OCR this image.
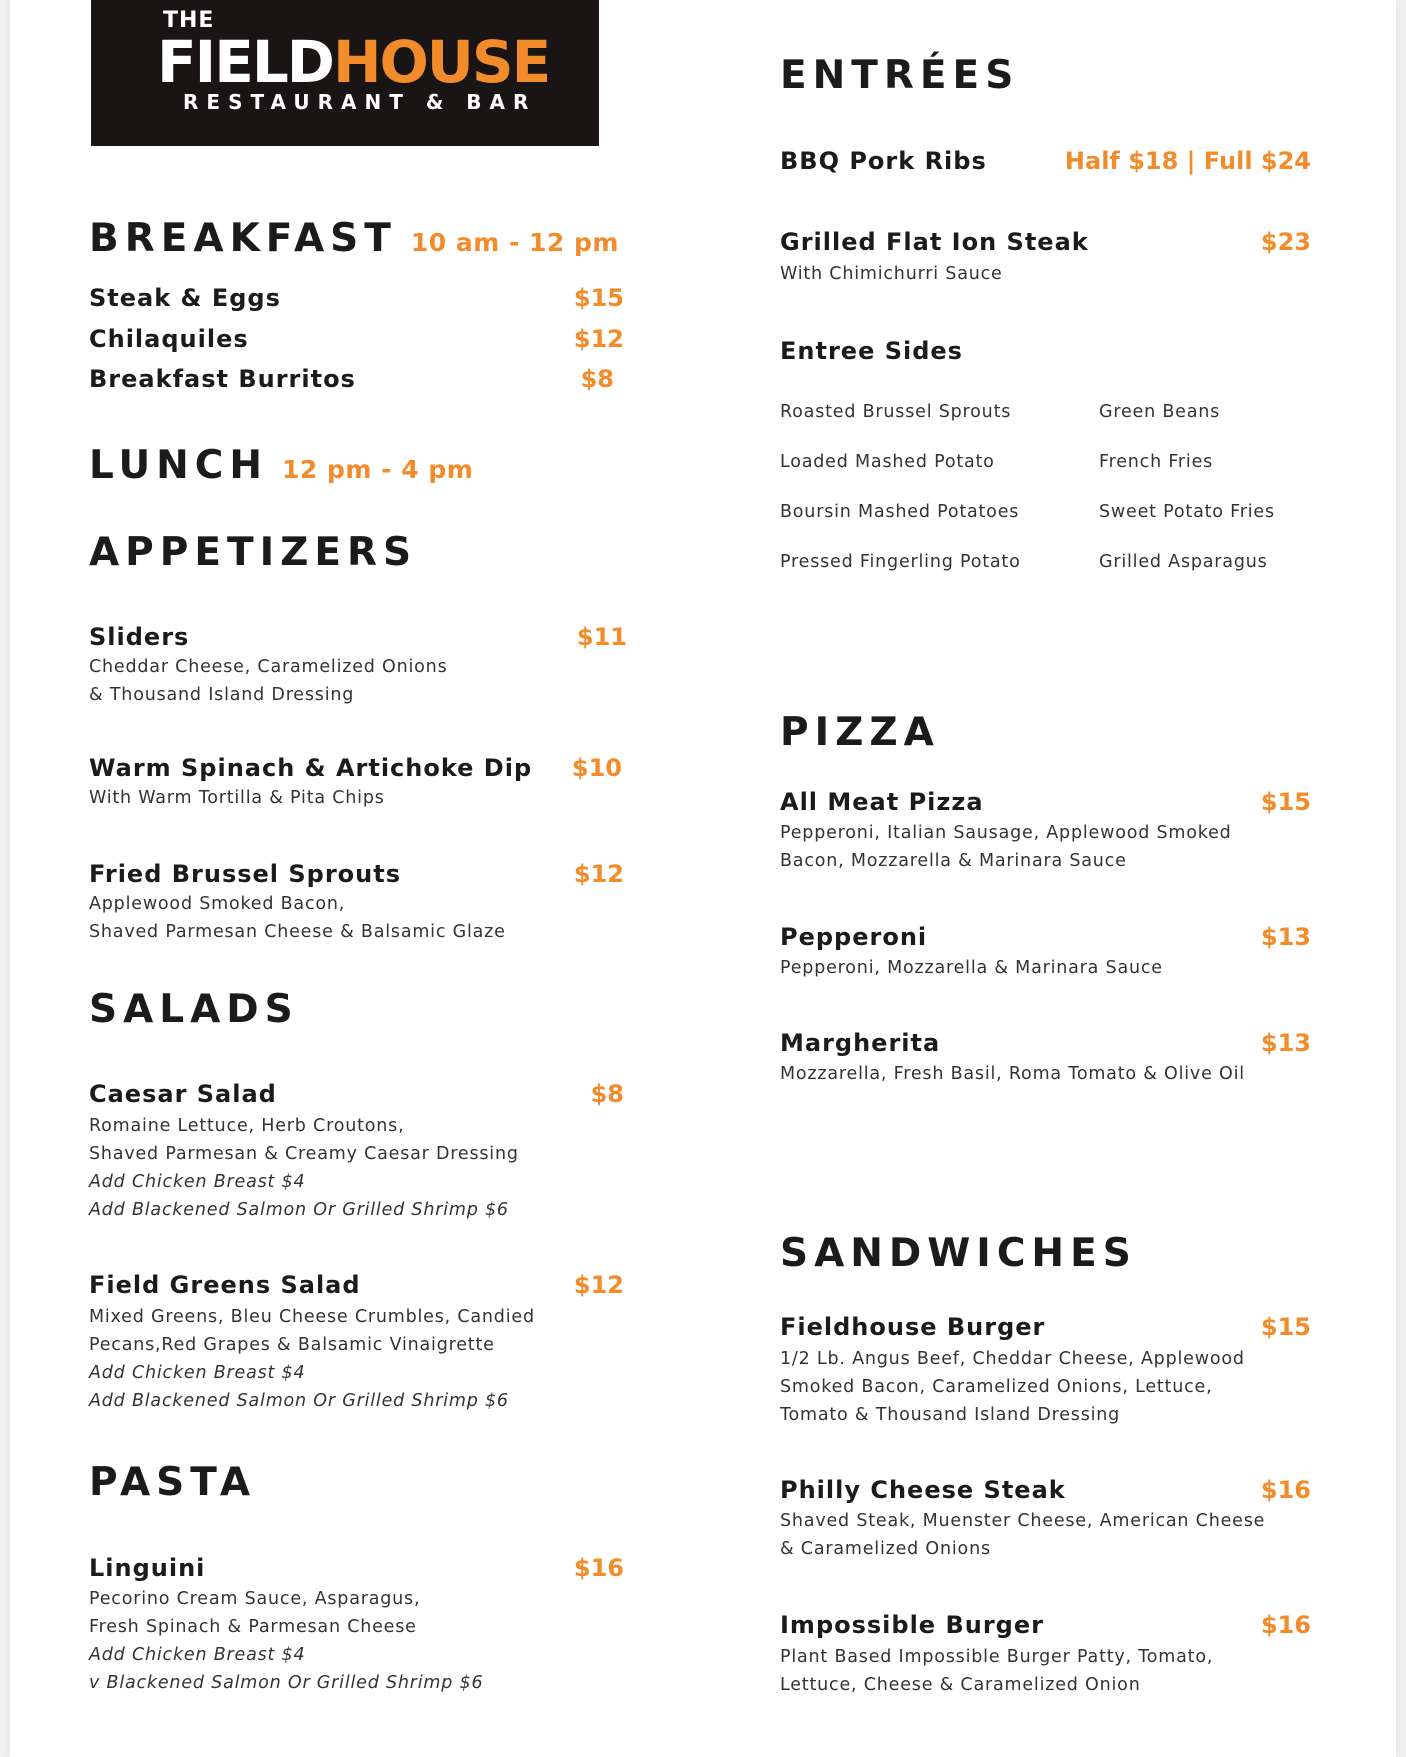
THE
FIELDHOUSE
RESTAURANT & BAR
BREAKFAST 10 am - 12 pm
Steak & Eggs	$15
Chilaquiles	$12
Breakfast Burritos	$8
LUNCH 12 pm - 4 pm
APPETIZERS
Sliders	$11
Cheddar Cheese, Caramelized Onions
& Thousand Island Dressing
Warm Spinach & Artichoke Dip $10
With Warm Tortilla & Pita Chips
Fried Brussel Sprouts	$12
Applewood Smoked Bacon,
Shaved Parmesan Cheese & Balsamic Glaze
SALADS
Caesar Salad	$8
Romaine Lettuce, Herb Croutons,
Shaved Parmesan & Creamy Caesar Dressing
Add Chicken Breast $4
Add Blackened Salmon Or Grilled Shrimp $6
Field Greens Salad	$12
Mixed Greens, Bleu Cheese Crumbles, Candied
Pecans,Red Grapes & Balsamic Vinaigrette
Add Chicken Breast $4
Add Blackened Salmon Or Grilled Shrimp $6
PASTA
Linguini	$16
Pecorino Cream Sauce, Asparagus,
Fresh Spinach & Parmesan Cheese
Add Chicken Breast $4
v Blackened Salmon Or Grilled Shrimp $6
ENTRÉES
BBQ Pork Ribs	Half $18 | Full $24
Grilled Flat Ion Steak	$23
With Chimichurri Sauce
Entree Sides
Roasted Brussel Sprouts
Loaded Mashed Potato
Boursin Mashed Potatoes
Pressed Fingerling Potato
Green Beans
French Fries
Sweet Potato Fries
Grilled Asparagus
PIZZA
All Meat Pizza	$15
Pepperoni, Italian Sausage, Applewood Smoked
Bacon, Mozzarella & Marinara Sauce
Pepperoni	$13
Pepperoni, Mozzarella & Marinara Sauce
Margherita	$13
Mozzarella, Fresh Basil, Roma Tomato & Olive Oil
SANDWICHES
Fieldhouse Burger	$15
1/2 Lb. Angus Beef, Cheddar Cheese, Applewood
Smoked Bacon, Caramelized Onions, Lettuce,
Tomato & Thousand Island Dressing
Philly Cheese Steak	$16
Shaved Steak, Muenster Cheese, American Cheese
& Caramelized Onions
Impossible Burger	$16
Plant Based Impossible Burger Patty, Tomato,
Lettuce, Cheese & Caramelized Onion
